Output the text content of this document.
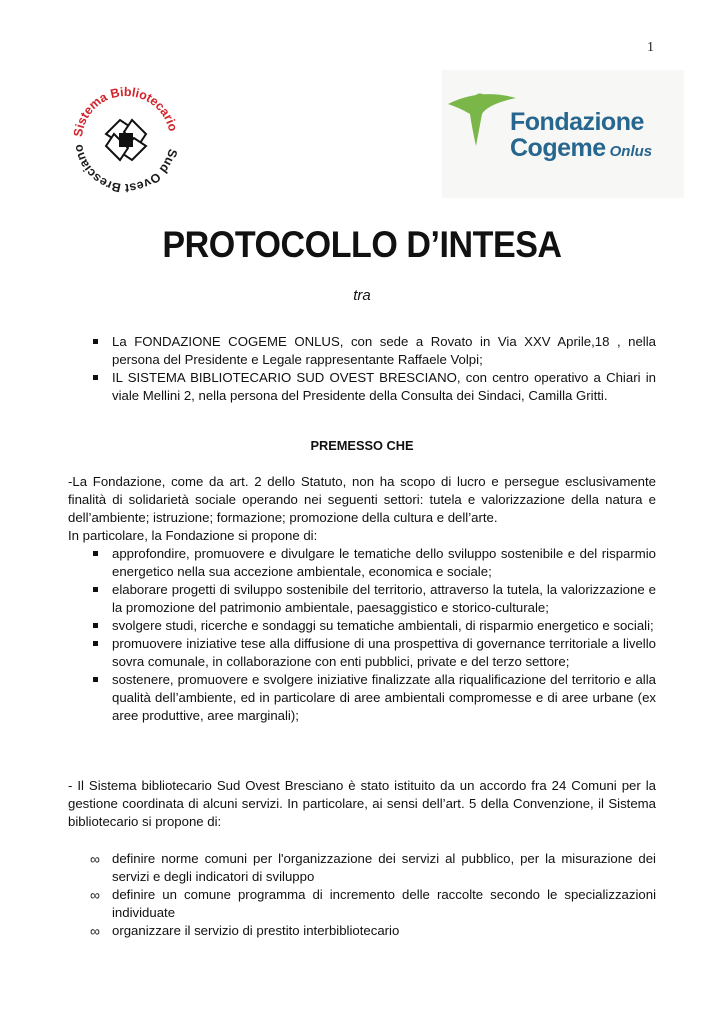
1
Sistema Bibliotecario
Sud Ovest Bresciano
Fondazione
Cogeme Onlus
PROTOCOLLO D’INTESA
tra
La FONDAZIONE COGEME ONLUS, con sede a Rovato in Via XXV Aprile,18 , nella persona del Presidente e Legale rappresentante Raffaele Volpi;
IL SISTEMA BIBLIOTECARIO SUD OVEST BRESCIANO, con centro operativo a Chiari in viale Mellini 2, nella persona del Presidente della Consulta dei Sindaci, Camilla Gritti.
PREMESSO CHE

-La Fondazione, come da art. 2 dello Statuto, non ha scopo di lucro e persegue esclusivamente finalità di solidarietà sociale operando nei seguenti settori: tutela e valorizzazione della natura e dell’ambiente; istruzione; formazione; promozione della cultura e dell’arte.

In particolare, la Fondazione si propone di:

approfondire, promuovere e divulgare le tematiche dello sviluppo sostenibile e del risparmio energetico nella sua accezione ambientale, economica e sociale;
elaborare progetti di sviluppo sostenibile del territorio, attraverso la tutela, la valorizzazione e la promozione del patrimonio ambientale, paesaggistico e storico-culturale;
svolgere studi, ricerche e sondaggi su tematiche ambientali, di risparmio energetico e sociali;
promuovere iniziative tese alla diffusione di una prospettiva di governance territoriale a livello sovra comunale, in collaborazione con enti pubblici, private e del terzo settore;
sostenere, promuovere e svolgere iniziative finalizzate alla riqualificazione del territorio e alla qualità dell’ambiente, ed in particolare di aree ambientali compromesse e di aree urbane (ex aree produttive, aree marginali);

- Il Sistema bibliotecario Sud Ovest Bresciano è stato istituito da un accordo fra 24 Comuni per la gestione coordinata di alcuni servizi. In particolare, ai sensi dell’art. 5 della Convenzione, il Sistema bibliotecario si propone di:

∞ definire norme comuni per l'organizzazione dei servizi al pubblico, per la misurazione dei servizi e degli indicatori di sviluppo
∞ definire un comune programma di incremento delle raccolte secondo le specializzazioni individuate
∞ organizzare il servizio di prestito interbibliotecario
